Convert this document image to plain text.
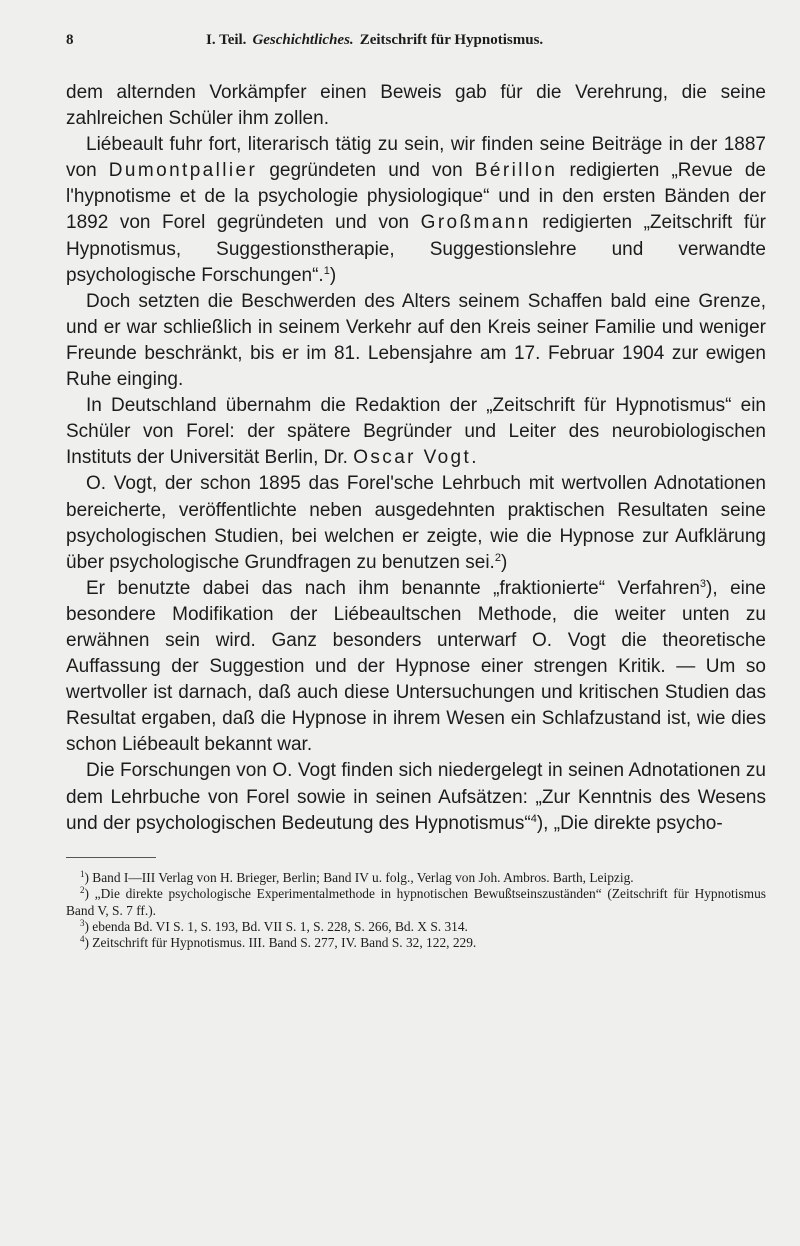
8	I. Teil. Geschichtliches. Zeitschrift für Hypnotismus.

dem alternden Vorkämpfer einen Beweis gab für die Verehrung, die seine zahlreichen Schüler ihm zollen.

Liébeault fuhr fort, literarisch tätig zu sein, wir finden seine Beiträge in der 1887 von Dumontpallier gegründeten und von Bérillon redigierten „Revue de l'hypnotisme et de la psychologie physiologique“ und in den ersten Bänden der 1892 von Forel gegründeten und von Großmann redigierten „Zeitschrift für Hypnotismus, Suggestionstherapie, Suggestionslehre und verwandte psychologische Forschungen“.$^1$)

Doch setzten die Beschwerden des Alters seinem Schaffen bald eine Grenze, und er war schließlich in seinem Verkehr auf den Kreis seiner Familie und weniger Freunde beschränkt, bis er im 81. Lebensjahre am 17. Februar 1904 zur ewigen Ruhe einging.

In Deutschland übernahm die Redaktion der „Zeitschrift für Hypnotismus“ ein Schüler von Forel: der spätere Begründer und Leiter des neurobiologischen Instituts der Universität Berlin, Dr. Oscar Vogt.

O. Vogt, der schon 1895 das Forel'sche Lehrbuch mit wertvollen Adnotationen bereicherte, veröffentlichte neben ausgedehnten praktischen Resultaten seine psychologischen Studien, bei welchen er zeigte, wie die Hypnose zur Aufklärung über psychologische Grundfragen zu benutzen sei.$^2$)

Er benutzte dabei das nach ihm benannte „fraktionierte“ Verfahren$^3$), eine besondere Modifikation der Liébeaultschen Methode, die weiter unten zu erwähnen sein wird. Ganz besonders unterwarf O. Vogt die theoretische Auffassung der Suggestion und der Hypnose einer strengen Kritik. — Um so wertvoller ist darnach, daß auch diese Untersuchungen und kritischen Studien das Resultat ergaben, daß die Hypnose in ihrem Wesen ein Schlafzustand ist, wie dies schon Liébeault bekannt war.

Die Forschungen von O. Vogt finden sich niedergelegt in seinen Adnotationen zu dem Lehrbuche von Forel sowie in seinen Aufsätzen: „Zur Kenntnis des Wesens und der psychologischen Bedeutung des Hypnotismus“$^4$), „Die direkte psycho-

$^1$) Band I—III Verlag von H. Brieger, Berlin; Band IV u. folg., Verlag von Joh. Ambros. Barth, Leipzig.

$^2$) „Die direkte psychologische Experimentalmethode in hypnotischen Bewußtseinszuständen“ (Zeitschrift für Hypnotismus Band V, S. 7 ff.).

$^3$) ebenda Bd. VI S. 1, S. 193, Bd. VII S. 1, S. 228, S. 266, Bd. X S. 314.

$^4$) Zeitschrift für Hypnotismus. III. Band S. 277, IV. Band S. 32, 122, 229.
